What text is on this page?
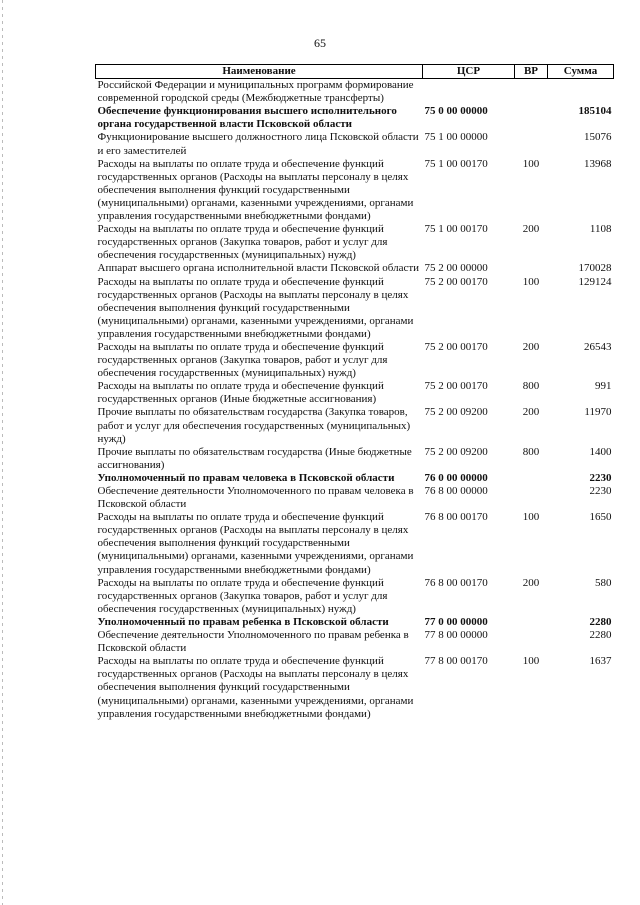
65
Наименование	ЦСР	ВР	Сумма
Российской Федерации и муниципальных программ формирование современной городской среды (Межбюджетные трансферты)			
Обеспечение функционирования высшего исполнительного органа государственной власти Псковской области	75 0 00 00000		185104
Функционирование высшего должностного лица Псковской области и его заместителей	75 1 00 00000		15076
Расходы на выплаты по оплате труда и обеспечение функций государственных органов (Расходы на выплаты персоналу в целях обеспечения выполнения функций государственными (муниципальными) органами, казенными учреждениями, органами управления государственными внебюджетными фондами)	75 1 00 00170	100	13968
Расходы на выплаты по оплате труда и обеспечение функций государственных органов (Закупка товаров, работ и услуг для обеспечения государственных (муниципальных) нужд)	75 1 00 00170	200	1108
Аппарат высшего органа исполнительной власти Псковской области	75 2 00 00000		170028
Расходы на выплаты по оплате труда и обеспечение функций государственных органов (Расходы на выплаты персоналу в целях обеспечения выполнения функций государственными (муниципальными) органами, казенными учреждениями, органами управления государственными внебюджетными фондами)	75 2 00 00170	100	129124
Расходы на выплаты по оплате труда и обеспечение функций государственных органов (Закупка товаров, работ и услуг для обеспечения государственных (муниципальных) нужд)	75 2 00 00170	200	26543
Расходы на выплаты по оплате труда и обеспечение функций государственных органов (Иные бюджетные ассигнования)	75 2 00 00170	800	991
Прочие выплаты по обязательствам государства (Закупка товаров, работ и услуг для обеспечения государственных (муниципальных) нужд)	75 2 00 09200	200	11970
Прочие выплаты по обязательствам государства (Иные бюджетные ассигнования)	75 2 00 09200	800	1400
Уполномоченный по правам человека в Псковской области	76 0 00 00000		2230
Обеспечение деятельности Уполномоченного по правам человека в Псковской области	76 8 00 00000		2230
Расходы на выплаты по оплате труда и обеспечение функций государственных органов (Расходы на выплаты персоналу в целях обеспечения выполнения функций государственными (муниципальными) органами, казенными учреждениями, органами управления государственными внебюджетными фондами)	76 8 00 00170	100	1650
Расходы на выплаты по оплате труда и обеспечение функций государственных органов (Закупка товаров, работ и услуг для обеспечения государственных (муниципальных) нужд)	76 8 00 00170	200	580
Уполномоченный по правам ребенка в Псковской области	77 0 00 00000		2280
Обеспечение деятельности Уполномоченного по правам ребенка в Псковской области	77 8 00 00000		2280
Расходы на выплаты по оплате труда и обеспечение функций государственных органов (Расходы на выплаты персоналу в целях обеспечения выполнения функций государственными (муниципальными) органами, казенными учреждениями, органами управления государственными внебюджетными фондами)	77 8 00 00170	100	1637
